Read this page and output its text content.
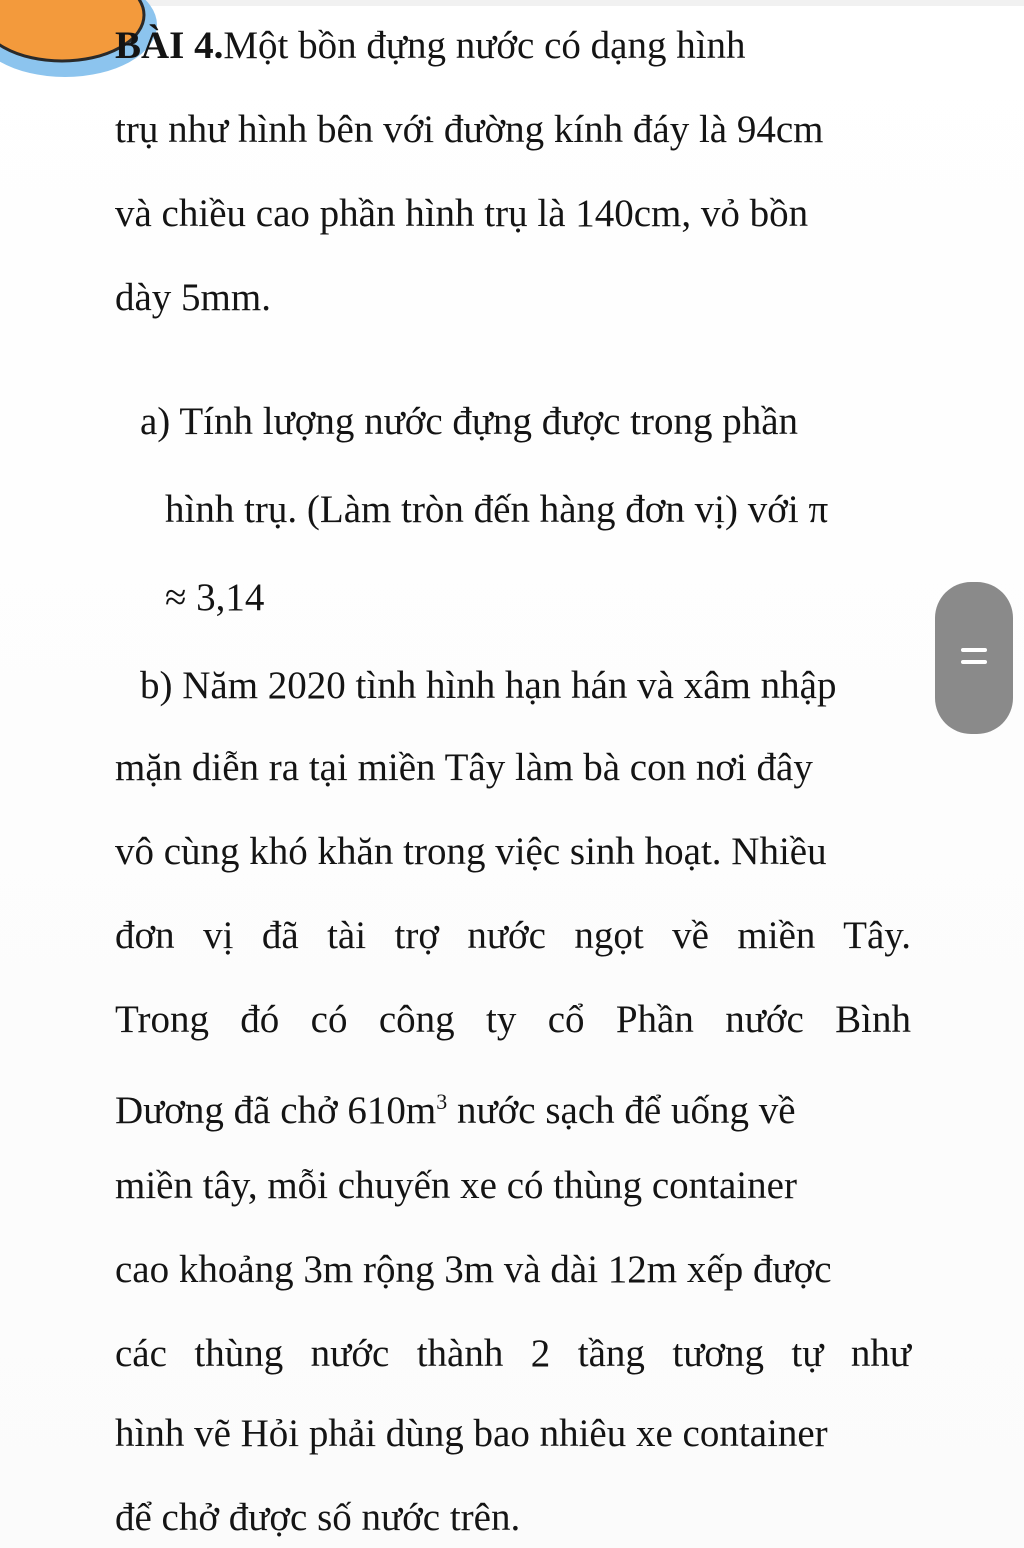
BÀI 4.Một bồn đựng nước có dạng hình
trụ như hình bên với đường kính đáy là 94cm
và chiều cao phần hình trụ là 140cm, vỏ bồn
dày 5mm.
a) Tính lượng nước đựng được trong phần
hình trụ. (Làm tròn đến hàng đơn vị) với π
≈ 3,14
b) Năm 2020 tình hình hạn hán và xâm nhập
mặn diễn ra tại miền Tây làm bà con nơi đây
vô cùng khó khăn trong việc sinh hoạt. Nhiều
đơn vị đã tài trợ nước ngọt về miền Tây.
Trong đó có công ty cổ Phần nước Bình
Dương đã chở $610m^3$ nước sạch để uống về
miền tây, mỗi chuyến xe có thùng container
cao khoảng 3m rộng 3m và dài 12m xếp được
các thùng nước thành 2 tầng tương tự như
hình vẽ Hỏi phải dùng bao nhiêu xe container
để chở được số nước trên.
